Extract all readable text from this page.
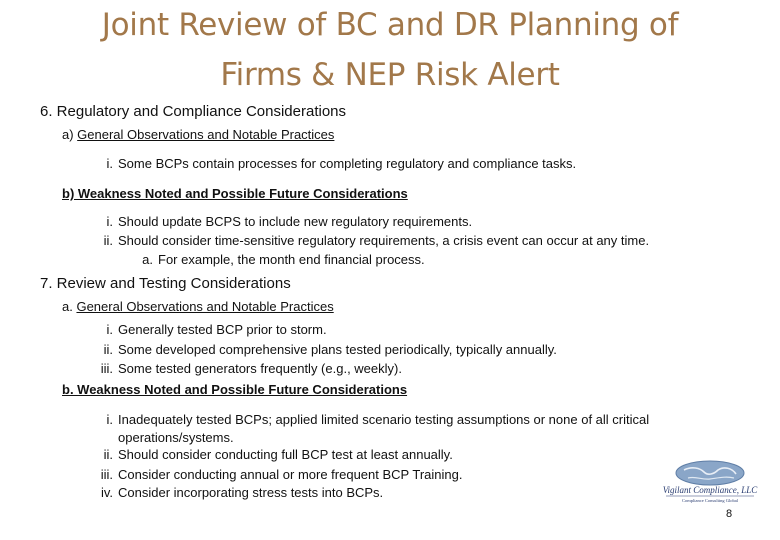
Joint Review of BC and DR Planning of
Firms & NEP Risk Alert
6. Regulatory and Compliance Considerations
a) General Observations and Notable Practices
i. Some BCPs contain processes for completing regulatory and compliance tasks.
b) Weakness Noted and Possible Future Considerations
i. Should update BCPS to include new regulatory requirements.
ii. Should consider time-sensitive regulatory requirements, a crisis event can occur at any time.
a. For example, the month end financial process.
7. Review and Testing Considerations
a. General Observations and Notable Practices
i. Generally tested BCP prior to storm.
ii. Some developed comprehensive plans tested periodically, typically annually.
iii. Some tested generators frequently (e.g., weekly).
b. Weakness Noted and Possible Future Considerations
i. Inadequately tested BCPs; applied limited scenario testing assumptions or none of all critical operations/systems.
ii. Should consider conducting full BCP test at least annually.
iii. Consider conducting annual or more frequent BCP Training.
iv. Consider incorporating stress tests into BCPs.	Vigilant Compliance, LLC
Compliance Consulting Global
8
